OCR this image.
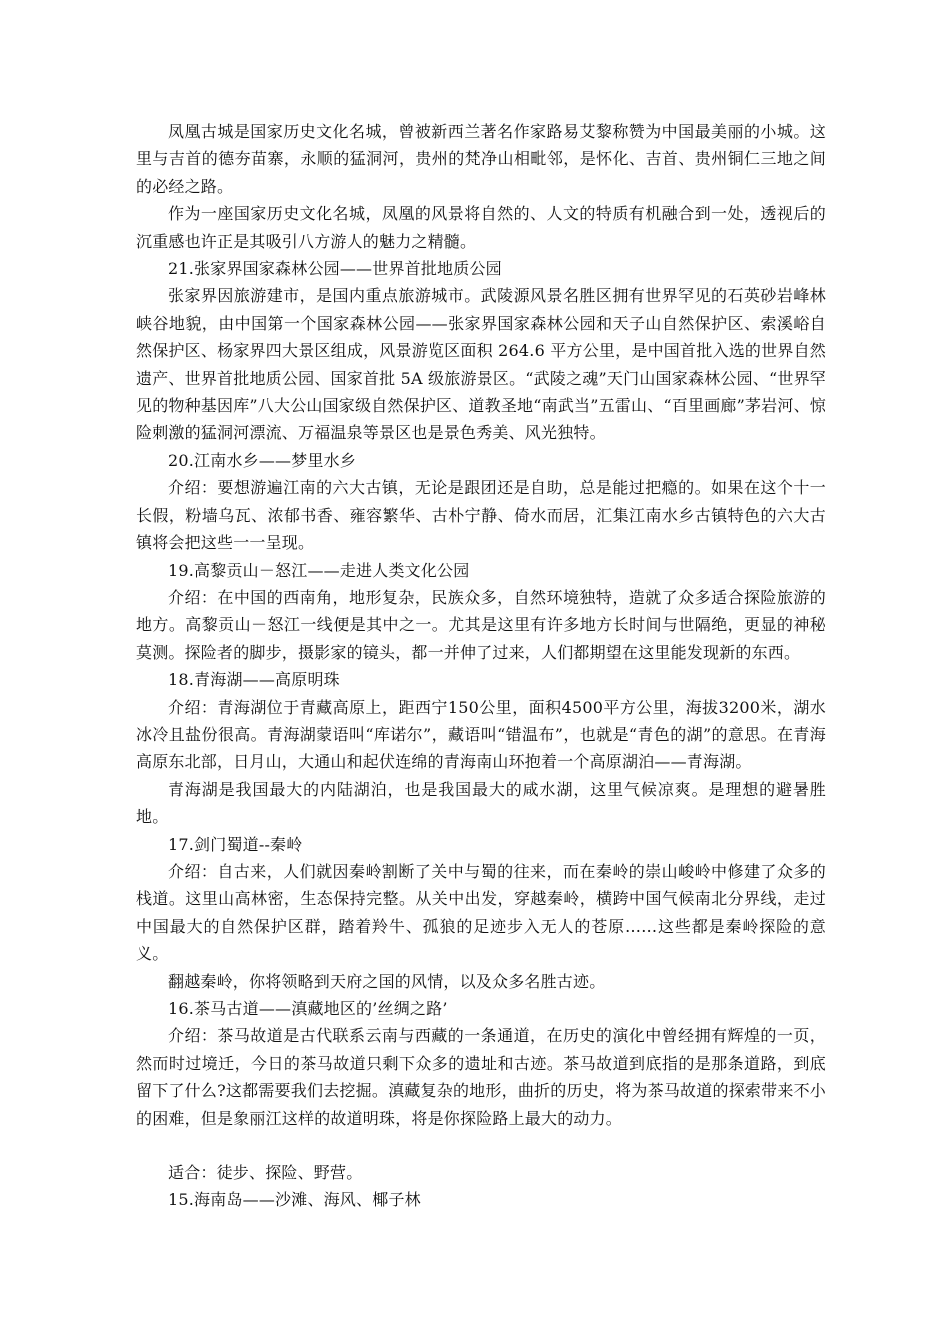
凤凰古城是国家历史文化名城，曾被新西兰著名作家路易艾黎称赞为中国最美丽的小城。这里与吉首的德夯苗寨，永顺的猛洞河，贵州的梵净山相毗邻，是怀化、吉首、贵州铜仁三地之间的必经之路。

作为一座国家历史文化名城，凤凰的风景将自然的、人文的特质有机融合到一处，透视后的沉重感也许正是其吸引八方游人的魅力之精髓。

21.张家界国家森林公园——世界首批地质公园

张家界因旅游建市，是国内重点旅游城市。武陵源风景名胜区拥有世界罕见的石英砂岩峰林峡谷地貌，由中国第一个国家森林公园——张家界国家森林公园和天子山自然保护区、索溪峪自然保护区、杨家界四大景区组成，风景游览区面积 264.6 平方公里，是中国首批入选的世界自然遗产、世界首批地质公园、国家首批 5A 级旅游景区。“武陵之魂”天门山国家森林公园、“世界罕见的物种基因库”八大公山国家级自然保护区、道教圣地“南武当”五雷山、“百里画廊”茅岩河、惊险刺激的猛洞河漂流、万福温泉等景区也是景色秀美、风光独特。

20.江南水乡——梦里水乡

介绍：要想游遍江南的六大古镇，无论是跟团还是自助，总是能过把瘾的。如果在这个十一长假，粉墙乌瓦、浓郁书香、雍容繁华、古朴宁静、倚水而居，汇集江南水乡古镇特色的六大古镇将会把这些一一呈现。

19.高黎贡山－怒江——走进人类文化公园

介绍：在中国的西南角，地形复杂，民族众多，自然环境独特，造就了众多适合探险旅游的地方。高黎贡山－怒江一线便是其中之一。尤其是这里有许多地方长时间与世隔绝，更显的神秘莫测。探险者的脚步，摄影家的镜头，都一并伸了过来，人们都期望在这里能发现新的东西。

18.青海湖——高原明珠

介绍：青海湖位于青藏高原上，距西宁150公里，面积4500平方公里，海拔3200米，湖水冰冷且盐份很高。青海湖蒙语叫“库诺尔”，藏语叫“错温布”，也就是“青色的湖”的意思。在青海高原东北部，日月山，大通山和起伏连绵的青海南山环抱着一个高原湖泊——青海湖。

青海湖是我国最大的内陆湖泊，也是我国最大的咸水湖，这里气候凉爽。是理想的避暑胜地。

17.剑门蜀道--秦岭

介绍：自古来，人们就因秦岭割断了关中与蜀的往来，而在秦岭的崇山峻岭中修建了众多的栈道。这里山高林密，生态保持完整。从关中出发，穿越秦岭，横跨中国气候南北分界线，走过中国最大的自然保护区群，踏着羚牛、孤狼的足迹步入无人的苍原……这些都是秦岭探险的意义。

翻越秦岭，你将领略到天府之国的风情，以及众多名胜古迹。

16.茶马古道——滇藏地区的’丝绸之路’

介绍：茶马故道是古代联系云南与西藏的一条通道，在历史的演化中曾经拥有辉煌的一页，然而时过境迁，今日的茶马故道只剩下众多的遗址和古迹。茶马故道到底指的是那条道路，到底留下了什么?这都需要我们去挖掘。滇藏复杂的地形，曲折的历史，将为茶马故道的探索带来不小的困难，但是象丽江这样的故道明珠，将是你探险路上最大的动力。

适合：徒步、探险、野营。

15.海南岛——沙滩、海风、椰子林
